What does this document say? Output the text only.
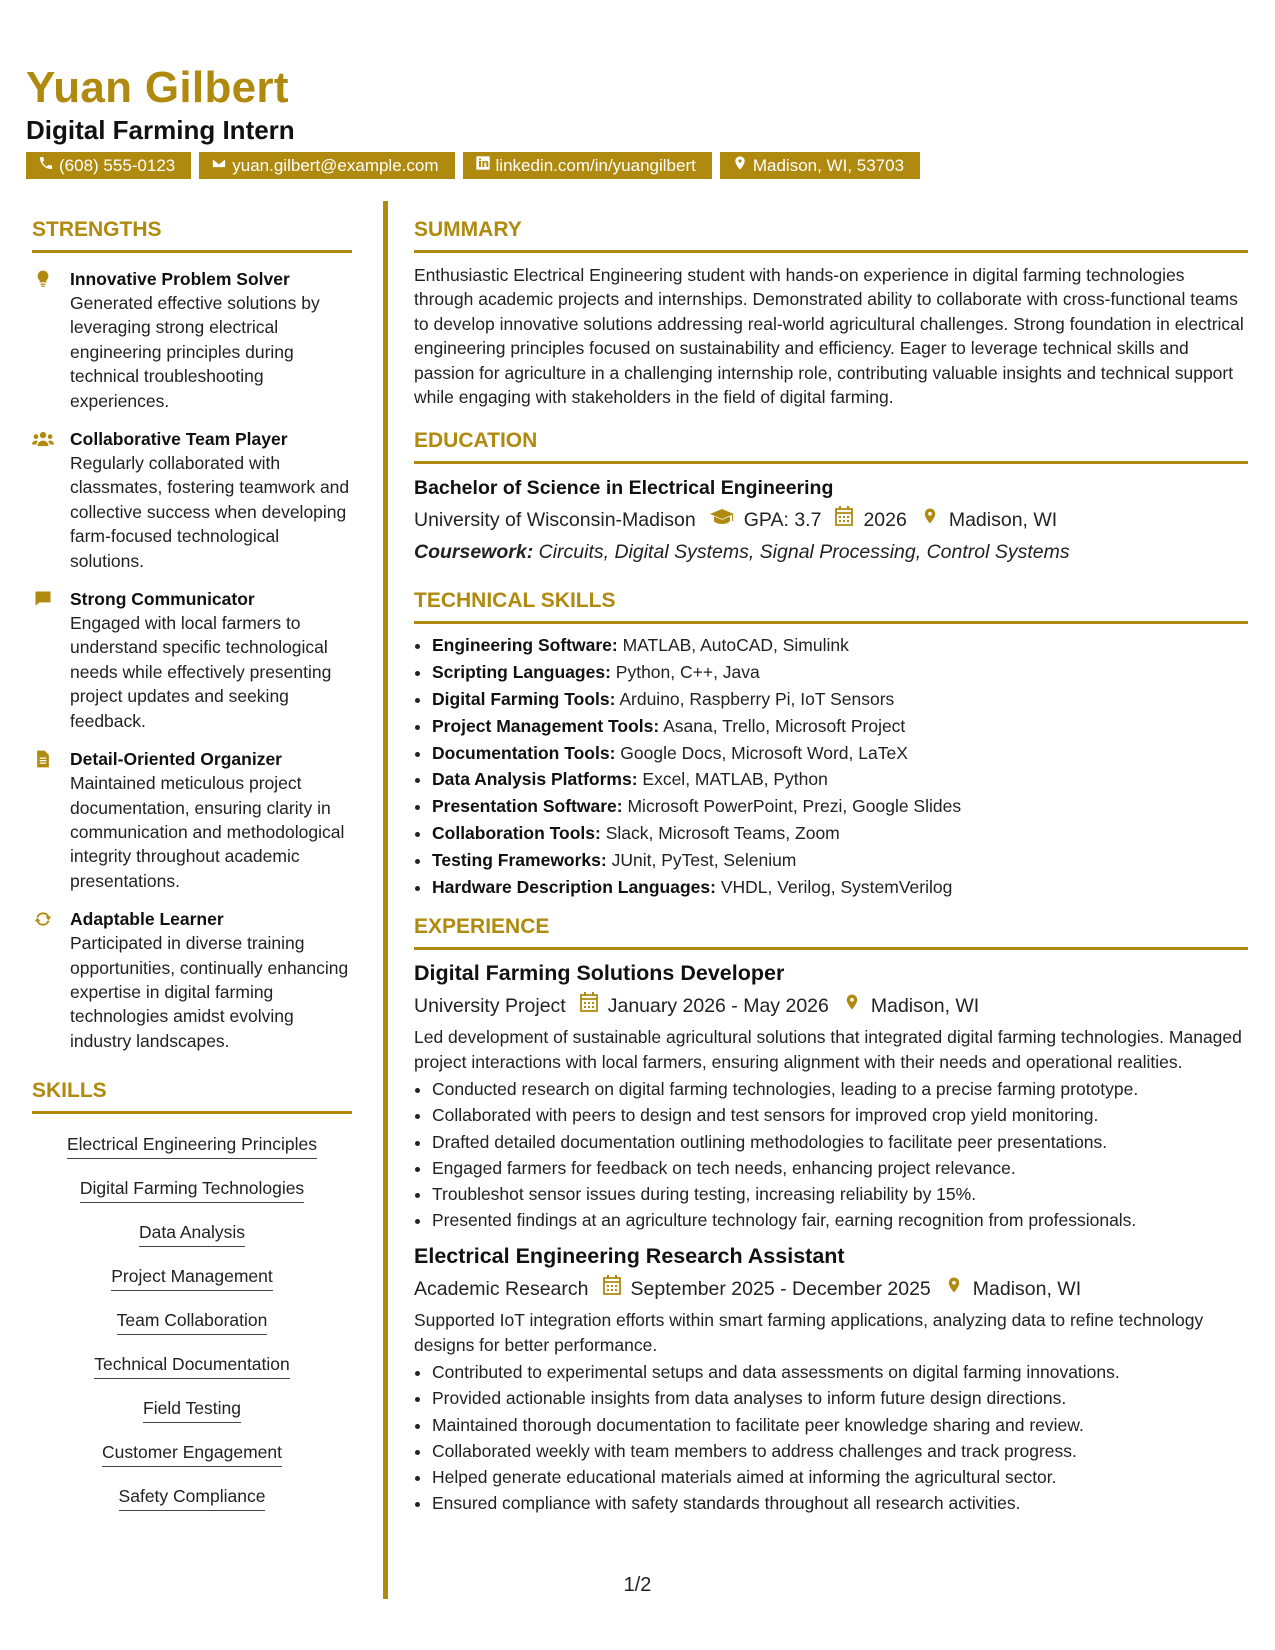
Yuan Gilbert
Digital Farming Intern
(608) 555-0123	yuan.gilbert@example.com	linkedin.com/in/yuangilbert	Madison, WI, 53703
STRENGTHS
Innovative Problem Solver
Generated effective solutions by leveraging strong electrical engineering principles during technical troubleshooting experiences.
Collaborative Team Player
Regularly collaborated with classmates, fostering teamwork and collective success when developing farm-focused technological solutions.
Strong Communicator
Engaged with local farmers to understand specific technological needs while effectively presenting project updates and seeking feedback.
Detail-Oriented Organizer
Maintained meticulous project documentation, ensuring clarity in communication and methodological integrity throughout academic presentations.
Adaptable Learner
Participated in diverse training opportunities, continually enhancing expertise in digital farming technologies amidst evolving industry landscapes.
SKILLS
Electrical Engineering Principles
Digital Farming Technologies
Data Analysis
Project Management
Team Collaboration
Technical Documentation
Field Testing
Customer Engagement
Safety Compliance
SUMMARY

Enthusiastic Electrical Engineering student with hands-on experience in digital farming technologies through academic projects and internships. Demonstrated ability to collaborate with cross-functional teams to develop innovative solutions addressing real-world agricultural challenges. Strong foundation in electrical engineering principles focused on sustainability and efficiency. Eager to leverage technical skills and passion for agriculture in a challenging internship role, contributing valuable insights and technical support while engaging with stakeholders in the field of digital farming.

EDUCATION
Bachelor of Science in Electrical Engineering
University of Wisconsin-Madison GPA: 3.7 2026 Madison, WI
Coursework: Circuits, Digital Systems, Signal Processing, Control Systems
TECHNICAL SKILLS
• Engineering Software: MATLAB, AutoCAD, Simulink
• Scripting Languages: Python, C++, Java
• Digital Farming Tools: Arduino, Raspberry Pi, IoT Sensors
• Project Management Tools: Asana, Trello, Microsoft Project
• Documentation Tools: Google Docs, Microsoft Word, LaTeX
• Data Analysis Platforms: Excel, MATLAB, Python
• Presentation Software: Microsoft PowerPoint, Prezi, Google Slides
• Collaboration Tools: Slack, Microsoft Teams, Zoom
• Testing Frameworks: JUnit, PyTest, Selenium
• Hardware Description Languages: VHDL, Verilog, SystemVerilog
EXPERIENCE
Digital Farming Solutions Developer
University Project January 2026 - May 2026 Madison, WI

Led development of sustainable agricultural solutions that integrated digital farming technologies. Managed project interactions with local farmers, ensuring alignment with their needs and operational realities.

• Conducted research on digital farming technologies, leading to a precise farming prototype.
• Collaborated with peers to design and test sensors for improved crop yield monitoring.
• Drafted detailed documentation outlining methodologies to facilitate peer presentations.
• Engaged farmers for feedback on tech needs, enhancing project relevance.
• Troubleshot sensor issues during testing, increasing reliability by 15%.
• Presented findings at an agriculture technology fair, earning recognition from professionals.
Electrical Engineering Research Assistant
Academic Research September 2025 - December 2025 Madison, WI

Supported IoT integration efforts within smart farming applications, analyzing data to refine technology designs for better performance.

• Contributed to experimental setups and data assessments on digital farming innovations.
• Provided actionable insights from data analyses to inform future design directions.
• Maintained thorough documentation to facilitate peer knowledge sharing and review.
• Collaborated weekly with team members to address challenges and track progress.
• Helped generate educational materials aimed at informing the agricultural sector.
• Ensured compliance with safety standards throughout all research activities.
1/2
